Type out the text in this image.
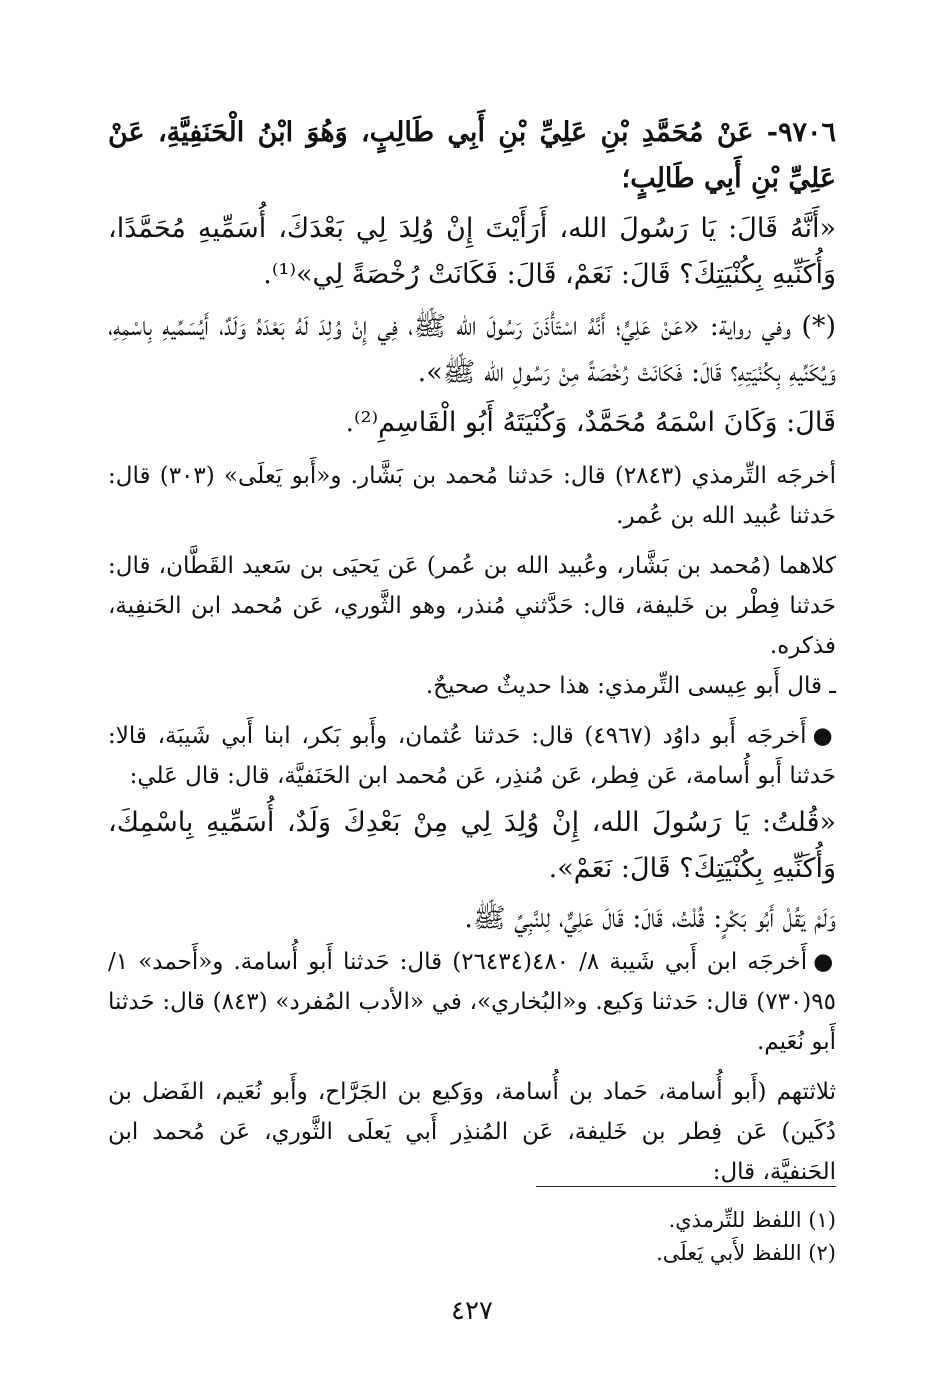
٩٧٠٦- عَنْ مُحَمَّدِ بْنِ عَلِيِّ بْنِ أَبِي طَالِبٍ، وَهُوَ ابْنُ الْحَنَفِيَّةِ، عَنْ عَلِيِّ بْنِ أَبِي طَالِبٍ؛

«أَنَّهُ قَالَ: يَا رَسُولَ الله، أَرَأَيْتَ إِنْ وُلِدَ لِي بَعْدَكَ، أُسَمِّيهِ مُحَمَّدًا، وَأُكَنِّيهِ بِكُنْيَتِكَ؟ قَالَ: نَعَمْ، قَالَ: فَكَانَتْ رُخْصَةً لِي»⁽¹⁾.

(*) وفي رواية: «عَنْ عَلِيٍّ؛ أَنَّهُ اسْتَأْذَنَ رَسُولَ الله ﷺ، فِي إِنْ وُلِدَ لَهُ بَعْدَهُ وَلَدٌ، أَيُسَمِّيهِ بِاسْمِهِ، وَيُكَنِّيهِ بِكُنْيَتِهِ؟ قَالَ: فَكَانَتْ رُخْصَةً مِنْ رَسُولِ الله ﷺ».

قَالَ: وَكَانَ اسْمَهُ مُحَمَّدٌ، وَكُنْيَتَهُ أَبُو الْقَاسِمِ⁽²⁾.

أخرجَه التِّرمذي (٢٨٤٣) قال: حَدثنا مُحمد بن بَشَّار. و«أَبو يَعلَى» (٣٠٣) قال: حَدثنا عُبيد الله بن عُمر.

كلاهما (مُحمد بن بَشَّار، وعُبيد الله بن عُمر) عَن يَحيَى بن سَعيد القَطَّان، قال: حَدثنا فِطْر بن خَليفة، قال: حَدَّثني مُنذر، وهو الثَّوري، عَن مُحمد ابن الحَنفِية، فذكره.

ـ قال أَبو عِيسى التِّرمذي: هذا حديثٌ صحيحٌ.

●أَخرجَه أَبو داوُد (٤٩٦٧) قال: حَدثنا عُثمان، وأَبو بَكر، ابنا أَبي شَيبَة، قالا: حَدثنا أَبو أُسامة، عَن فِطر، عَن مُنذِر، عَن مُحمد ابن الحَنَفيَّة، قال: قال عَلي:

«قُلتُ: يَا رَسُولَ الله، إِنْ وُلِدَ لِي مِنْ بَعْدِكَ وَلَدٌ، أُسَمِّيهِ بِاسْمِكَ، وَأُكَنِّيهِ بِكُنْيَتِكَ؟ قَالَ: نَعَمْ».

وَلَمْ يَقُلْ أَبُو بَكْرٍ: قُلْتُ، قَالَ: قَالَ عَلِيٌّ، لِلنَّبِيِّ ﷺ.

●أَخرجَه ابن أَبي شَيبة ٨/ ٤٨٠(٢٦٤٣٤) قال: حَدثنا أَبو أُسامة. و«أَحمد» ١/ ٩٥(٧٣٠) قال: حَدثنا وَكيع. و«البُخاري»، في «الأدب المُفرد» (٨٤٣) قال: حَدثنا أَبو نُعَيم.

ثلاثتهم (أَبو أُسامة، حَماد بن أُسامة، ووَكيع بن الجَرَّاح، وأَبو نُعَيم، الفَضل بن دُكَين) عَن فِطر بن خَليفة، عَن المُنذِر أَبي يَعلَى الثَّوري، عَن مُحمد ابن الحَنفيَّة، قال:

(١) اللفظ للتِّرمذي.
(٢) اللفظ لأَبي يَعلَى.
٤٢٧
